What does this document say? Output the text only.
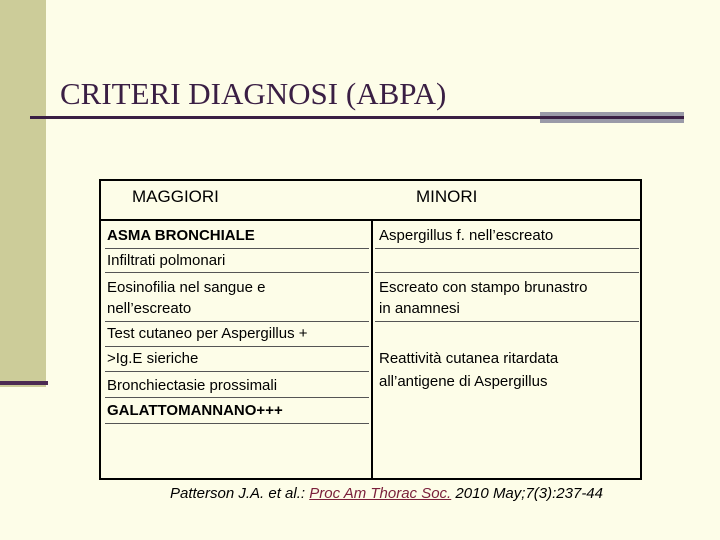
CRITERI DIAGNOSI (ABPA)
MAGGIORI	MINORI
ASMA BRONCHIALE
Infiltrati polmonari
Eosinofilia nel sangue e
nell’escreato
Test cutaneo per Aspergillus +
>Ig.E sieriche
Bronchiectasie prossimali
GALATTOMANNANO+++
Aspergillus f. nell’escreato
Escreato con stampo brunastro
in anamnesi
Reattività cutanea ritardata
all’antigene di Aspergillus
Patterson J.A. et al.: Proc Am Thorac Soc. 2010 May;7(3):237-44
